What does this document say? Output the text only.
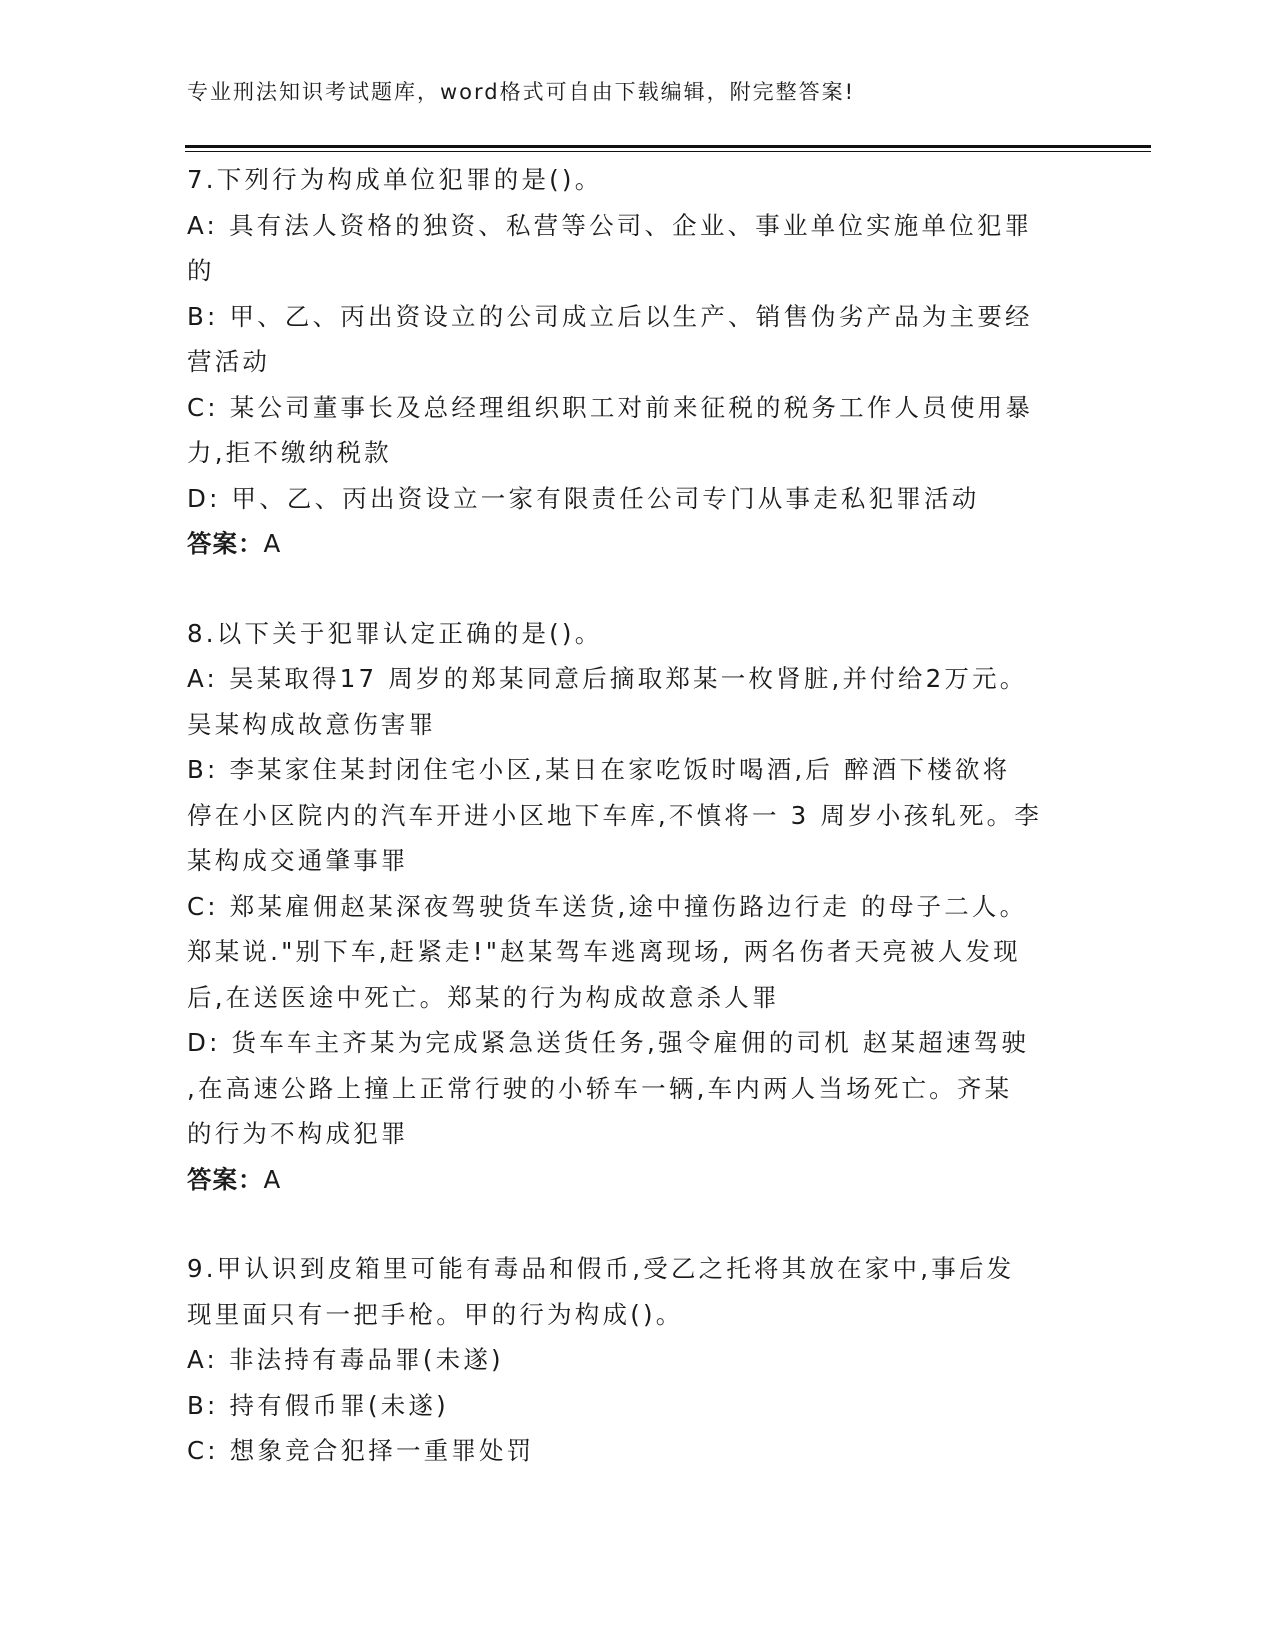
专业刑法知识考试题库，word格式可自由下载编辑，附完整答案!
7.下列行为构成单位犯罪的是()。
A: 具有法人资格的独资、私营等公司、企业、事业单位实施单位犯罪
的
B: 甲、乙、丙出资设立的公司成立后以生产、销售伪劣产品为主要经
营活动
C: 某公司董事长及总经理组织职工对前来征税的税务工作人员使用暴
力,拒不缴纳税款
D: 甲、乙、丙出资设立一家有限责任公司专门从事走私犯罪活动
答案：A
8.以下关于犯罪认定正确的是()。
A: 吴某取得17 周岁的郑某同意后摘取郑某一枚肾脏,并付给2万元。
吴某构成故意伤害罪
B: 李某家住某封闭住宅小区,某日在家吃饭时喝酒,后 醉酒下楼欲将
停在小区院内的汽车开进小区地下车库,不慎将一 3 周岁小孩轧死。李
某构成交通肇事罪
C: 郑某雇佣赵某深夜驾驶货车送货,途中撞伤路边行走 的母子二人。
郑某说."别下车,赶紧走!"赵某驾车逃离现场, 两名伤者天亮被人发现
后,在送医途中死亡。郑某的行为构成故意杀人罪
D: 货车车主齐某为完成紧急送货任务,强令雇佣的司机 赵某超速驾驶
,在高速公路上撞上正常行驶的小轿车一辆,车内两人当场死亡。齐某
的行为不构成犯罪
答案：A
9.甲认识到皮箱里可能有毒品和假币,受乙之托将其放在家中,事后发
现里面只有一把手枪。甲的行为构成()。
A: 非法持有毒品罪(未遂)
B: 持有假币罪(未遂)
C: 想象竞合犯择一重罪处罚
